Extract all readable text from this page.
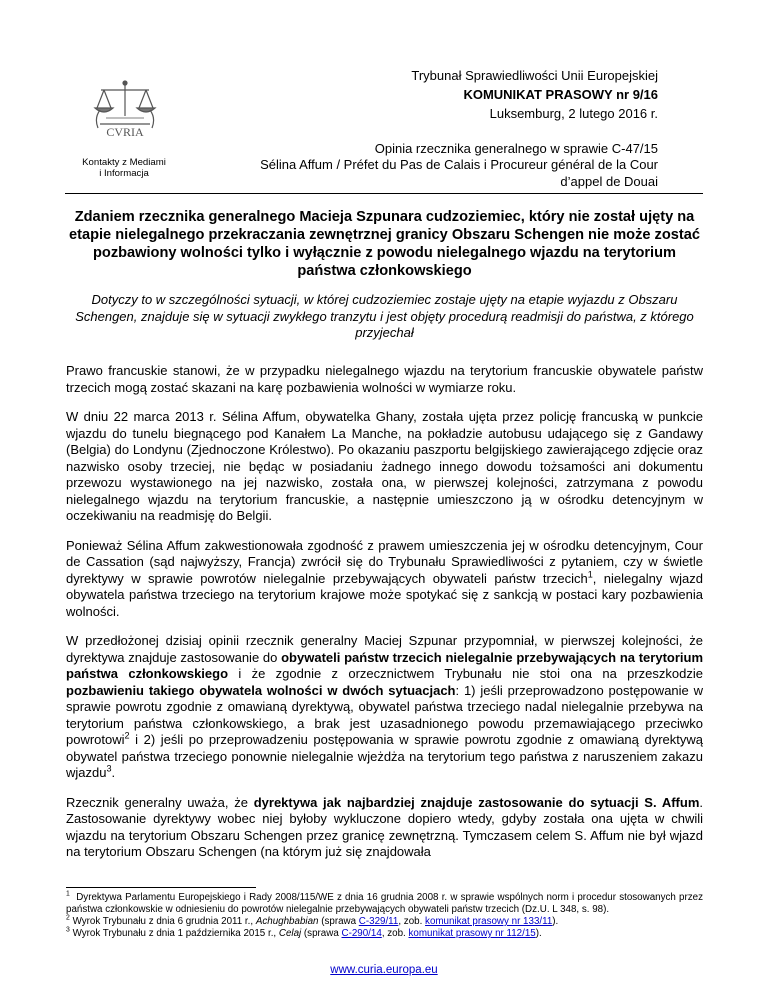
CVRIA
Kontakty z Mediami
i Informacja
Trybunał Sprawiedliwości Unii Europejskiej
KOMUNIKAT PRASOWY nr 9/16
Luksemburg, 2 lutego 2016 r.
Opinia rzecznika generalnego w sprawie C-47/15
Sélina Affum / Préfet du Pas de Calais i Procureur général de la Cour
d’appel de Douai
Zdaniem rzecznika generalnego Macieja Szpunara cudzoziemiec, który nie został ujęty na etapie nielegalnego przekraczania zewnętrznej granicy Obszaru Schengen nie może zostać pozbawiony wolności tylko i wyłącznie z powodu nielegalnego wjazdu na terytorium państwa członkowskiego
Dotyczy to w szczególności sytuacji, w której cudzoziemiec zostaje ujęty na etapie wyjazdu z Obszaru Schengen, znajduje się w sytuacji zwykłego tranzytu i jest objęty procedurą readmisji do państwa, z którego przyjechał

Prawo francuskie stanowi, że w przypadku nielegalnego wjazdu na terytorium francuskie obywatele państw trzecich mogą zostać skazani na karę pozbawienia wolności w wymiarze roku.

W dniu 22 marca 2013 r. Sélina Affum, obywatelka Ghany, została ujęta przez policję francuską w punkcie wjazdu do tunelu biegnącego pod Kanałem La Manche, na pokładzie autobusu udającego się z Gandawy (Belgia) do Londynu (Zjednoczone Królestwo). Po okazaniu paszportu belgijskiego zawierającego zdjęcie oraz nazwisko osoby trzeciej, nie będąc w posiadaniu żadnego innego dowodu tożsamości ani dokumentu przewozu wystawionego na jej nazwisko, została ona, w pierwszej kolejności, zatrzymana z powodu nielegalnego wjazdu na terytorium francuskie, a następnie umieszczono ją w ośrodku detencyjnym w oczekiwaniu na readmisję do Belgii.

Ponieważ Sélina Affum zakwestionowała zgodność z prawem umieszczenia jej w ośrodku detencyjnym, Cour de Cassation (sąd najwyższy, Francja) zwrócił się do Trybunału Sprawiedliwości z pytaniem, czy w świetle dyrektywy w sprawie powrotów nielegalnie przebywających obywateli państw trzecich$^1$, nielegalny wjazd obywatela państwa trzeciego na terytorium krajowe może spotykać się z sankcją w postaci kary pozbawienia wolności.

W przedłożonej dzisiaj opinii rzecznik generalny Maciej Szpunar przypomniał, w pierwszej kolejności, że dyrektywa znajduje zastosowanie do obywateli państw trzecich nielegalnie przebywających na terytorium państwa członkowskiego i że zgodnie z orzecznictwem Trybunału nie stoi ona na przeszkodzie pozbawieniu takiego obywatela wolności w dwóch sytuacjach: 1) jeśli przeprowadzono postępowanie w sprawie powrotu zgodnie z omawianą dyrektywą, obywatel państwa trzeciego nadal nielegalnie przebywa na terytorium państwa członkowskiego, a brak jest uzasadnionego powodu przemawiającego przeciwko powrotowi$^2$ i 2) jeśli po przeprowadzeniu postępowania w sprawie powrotu zgodnie z omawianą dyrektywą obywatel państwa trzeciego ponownie nielegalnie wjeżdża na terytorium tego państwa z naruszeniem zakazu wjazdu$^3$.

Rzecznik generalny uważa, że dyrektywa jak najbardziej znajduje zastosowanie do sytuacji S. Affum. Zastosowanie dyrektywy wobec niej byłoby wykluczone dopiero wtedy, gdyby została ona ujęta w chwili wjazdu na terytorium Obszaru Schengen przez granicę zewnętrzną. Tymczasem celem S. Affum nie był wjazd na terytorium Obszaru Schengen (na którym już się znajdowała

$^1$ Dyrektywa Parlamentu Europejskiego i Rady 2008/115/WE z dnia 16 grudnia 2008 r. w sprawie wspólnych norm i procedur stosowanych przez państwa członkowskie w odniesieniu do powrotów nielegalnie przebywających obywateli państw trzecich (Dz.U. L 348, s. 98).

$^2$ Wyrok Trybunału z dnia 6 grudnia 2011 r., Achughbabian (sprawa C-329/11, zob. komunikat prasowy nr 133/11).

$^3$ Wyrok Trybunału z dnia 1 października 2015 r., Celaj (sprawa C-290/14, zob. komunikat prasowy nr 112/15).

www.curia.europa.eu
